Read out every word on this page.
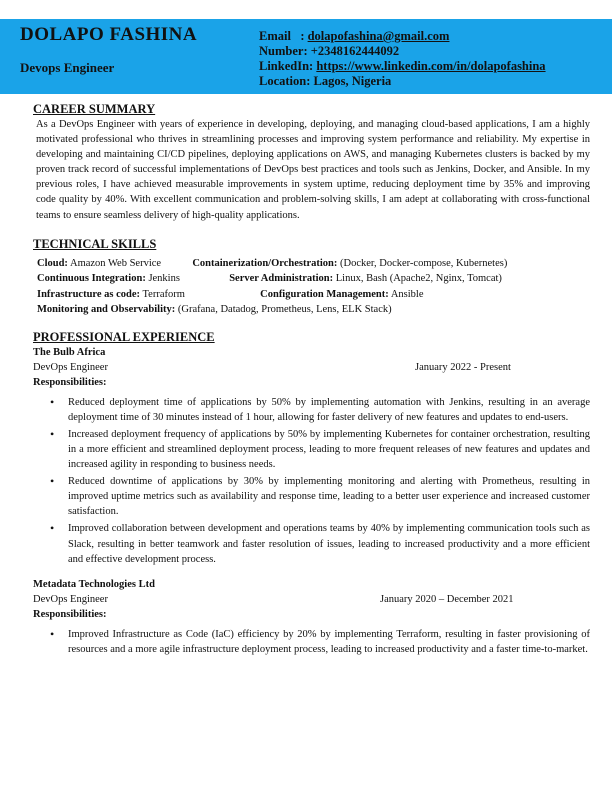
DOLAPO FASHINA
Devops Engineer
Email   : dolapofashina@gmail.com
Number: +2348162444092
LinkedIn: https://www.linkedin.com/in/dolapofashina
Location: Lagos, Nigeria
CAREER SUMMARY

As a DevOps Engineer with years of experience in developing, deploying, and managing cloud-based applications, I am a highly motivated professional who thrives in streamlining processes and improving system performance and reliability. My expertise in developing and maintaining CI/CD pipelines, deploying applications on AWS, and managing Kubernetes clusters is backed by my proven track record of successful implementations of DevOps best practices and tools such as Jenkins, Docker, and Ansible. In my previous roles, I have achieved measurable improvements in system uptime, reducing deployment time by 35% and improving code quality by 40%. With excellent communication and problem-solving skills, I am adept at collaborating with cross-functional teams to ensure seamless delivery of high-quality applications.

TECHNICAL SKILLS
Cloud: Amazon Web Service	Containerization/Orchestration: (Docker, Docker-compose, Kubernetes)
Continuous Integration: Jenkins	Server Administration: Linux, Bash (Apache2, Nginx, Tomcat)
Infrastructure as code: Terraform	Configuration Management: Ansible
Monitoring and Observability: (Grafana, Datadog, Prometheus, Lens, ELK Stack)
PROFESSIONAL EXPERIENCE
The Bulb Africa
DevOps Engineer	January 2022 - Present
Responsibilities:
• Reduced deployment time of applications by 50% by implementing automation with Jenkins, resulting in an average deployment time of 30 minutes instead of 1 hour, allowing for faster delivery of new features and updates to end-users.
• Increased deployment frequency of applications by 50% by implementing Kubernetes for container orchestration, resulting in a more efficient and streamlined deployment process, leading to more frequent releases of new features and updates and increased agility in responding to business needs.
• Reduced downtime of applications by 30% by implementing monitoring and alerting with Prometheus, resulting in improved uptime metrics such as availability and response time, leading to a better user experience and increased customer satisfaction.
• Improved collaboration between development and operations teams by 40% by implementing communication tools such as Slack, resulting in better teamwork and faster resolution of issues, leading to increased productivity and a more efficient and effective development process.
Metadata Technologies Ltd
DevOps Engineer	January 2020 – December 2021
Responsibilities:
• Improved Infrastructure as Code (IaC) efficiency by 20% by implementing Terraform, resulting in faster provisioning of resources and a more agile infrastructure deployment process, leading to increased productivity and a faster time-to-market.
